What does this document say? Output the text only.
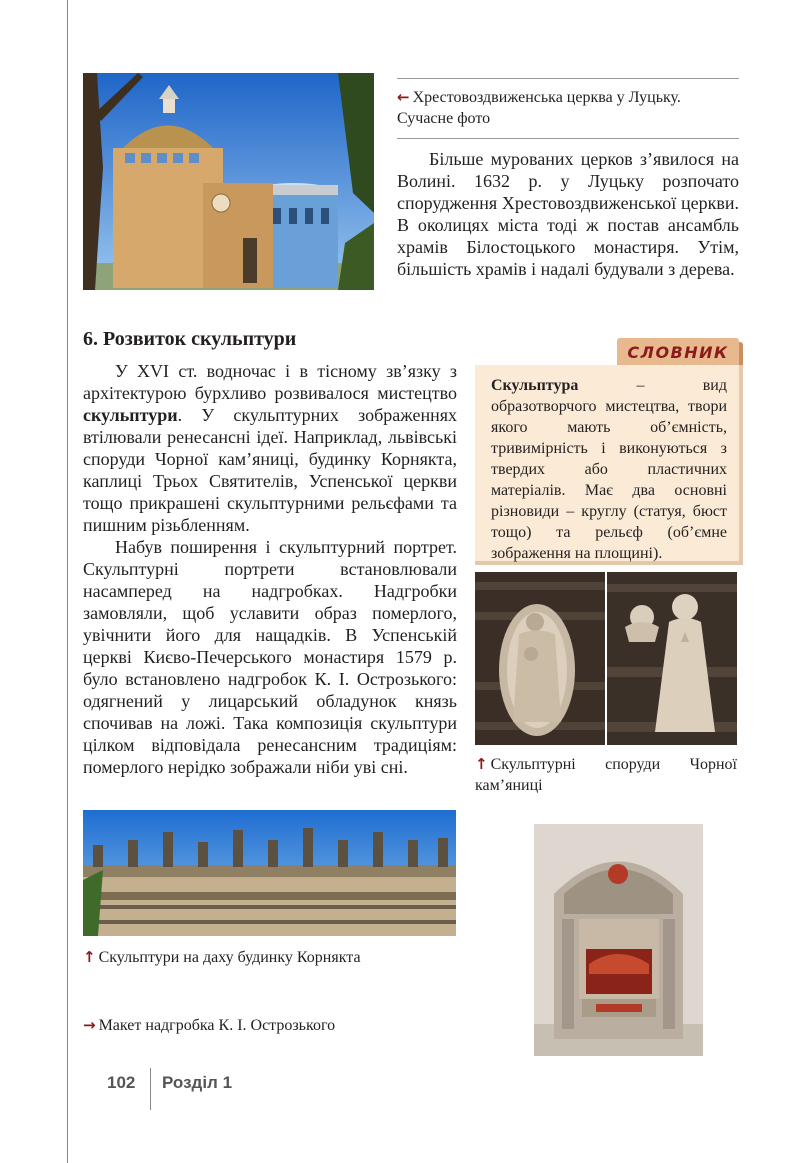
← Хрестовоздвиженська церква у Луцьку. Сучасне фото

Більше мурованих церков з’явилося на Волині. 1632 р. у Луцьку розпочато спорудження Хрестовоздвиженської церкви. В околицях міста тоді ж постав ансамбль храмів Білостоцького монастиря. Утім, більшість храмів і надалі будували з дерева.

6. Розвиток скульптури
СЛОВНИК

Скульптура – вид образотворчого мистецтва, твори якого мають об’ємність, тривимірність і виконуються з твердих або пластичних матеріалів. Має два основні різновиди – круглу (статуя, бюст тощо) та рельєф (об’ємне зображення на площині).

У XVI ст. водночас і в тісному зв’язку з архітектурою бурхливо розвивалося мистецтво скульптури. У скульптурних зображеннях втілювали ренесансні ідеї. Наприклад, львівські споруди Чорної кам’яниці, будинку Корнякта, каплиці Трьох Святителів, Успенської церкви тощо прикрашені скульптурними рельєфами та пишним різьбленням.

Набув поширення і скульптурний портрет. Скульптурні портрети встановлювали насамперед на надгробках. Надгробки замовляли, щоб уславити образ померлого, увічнити його для нащадків. В Успенській церкві Києво-Печерського монастиря 1579 р. було встановлено надгробок К. І. Острозького: одягнений у лицарський обладунок князь спочивав на ложі. Така композиція скульптури цілком відповідала ренесансним традиціям: померлого нерідко зображали ніби уві сні.	↑ Скульптурні споруди Чорної кам’яниці
↑ Скульптури на даху будинку Корнякта
→ Макет надгробка К. І. Острозького
102 Розділ 1
